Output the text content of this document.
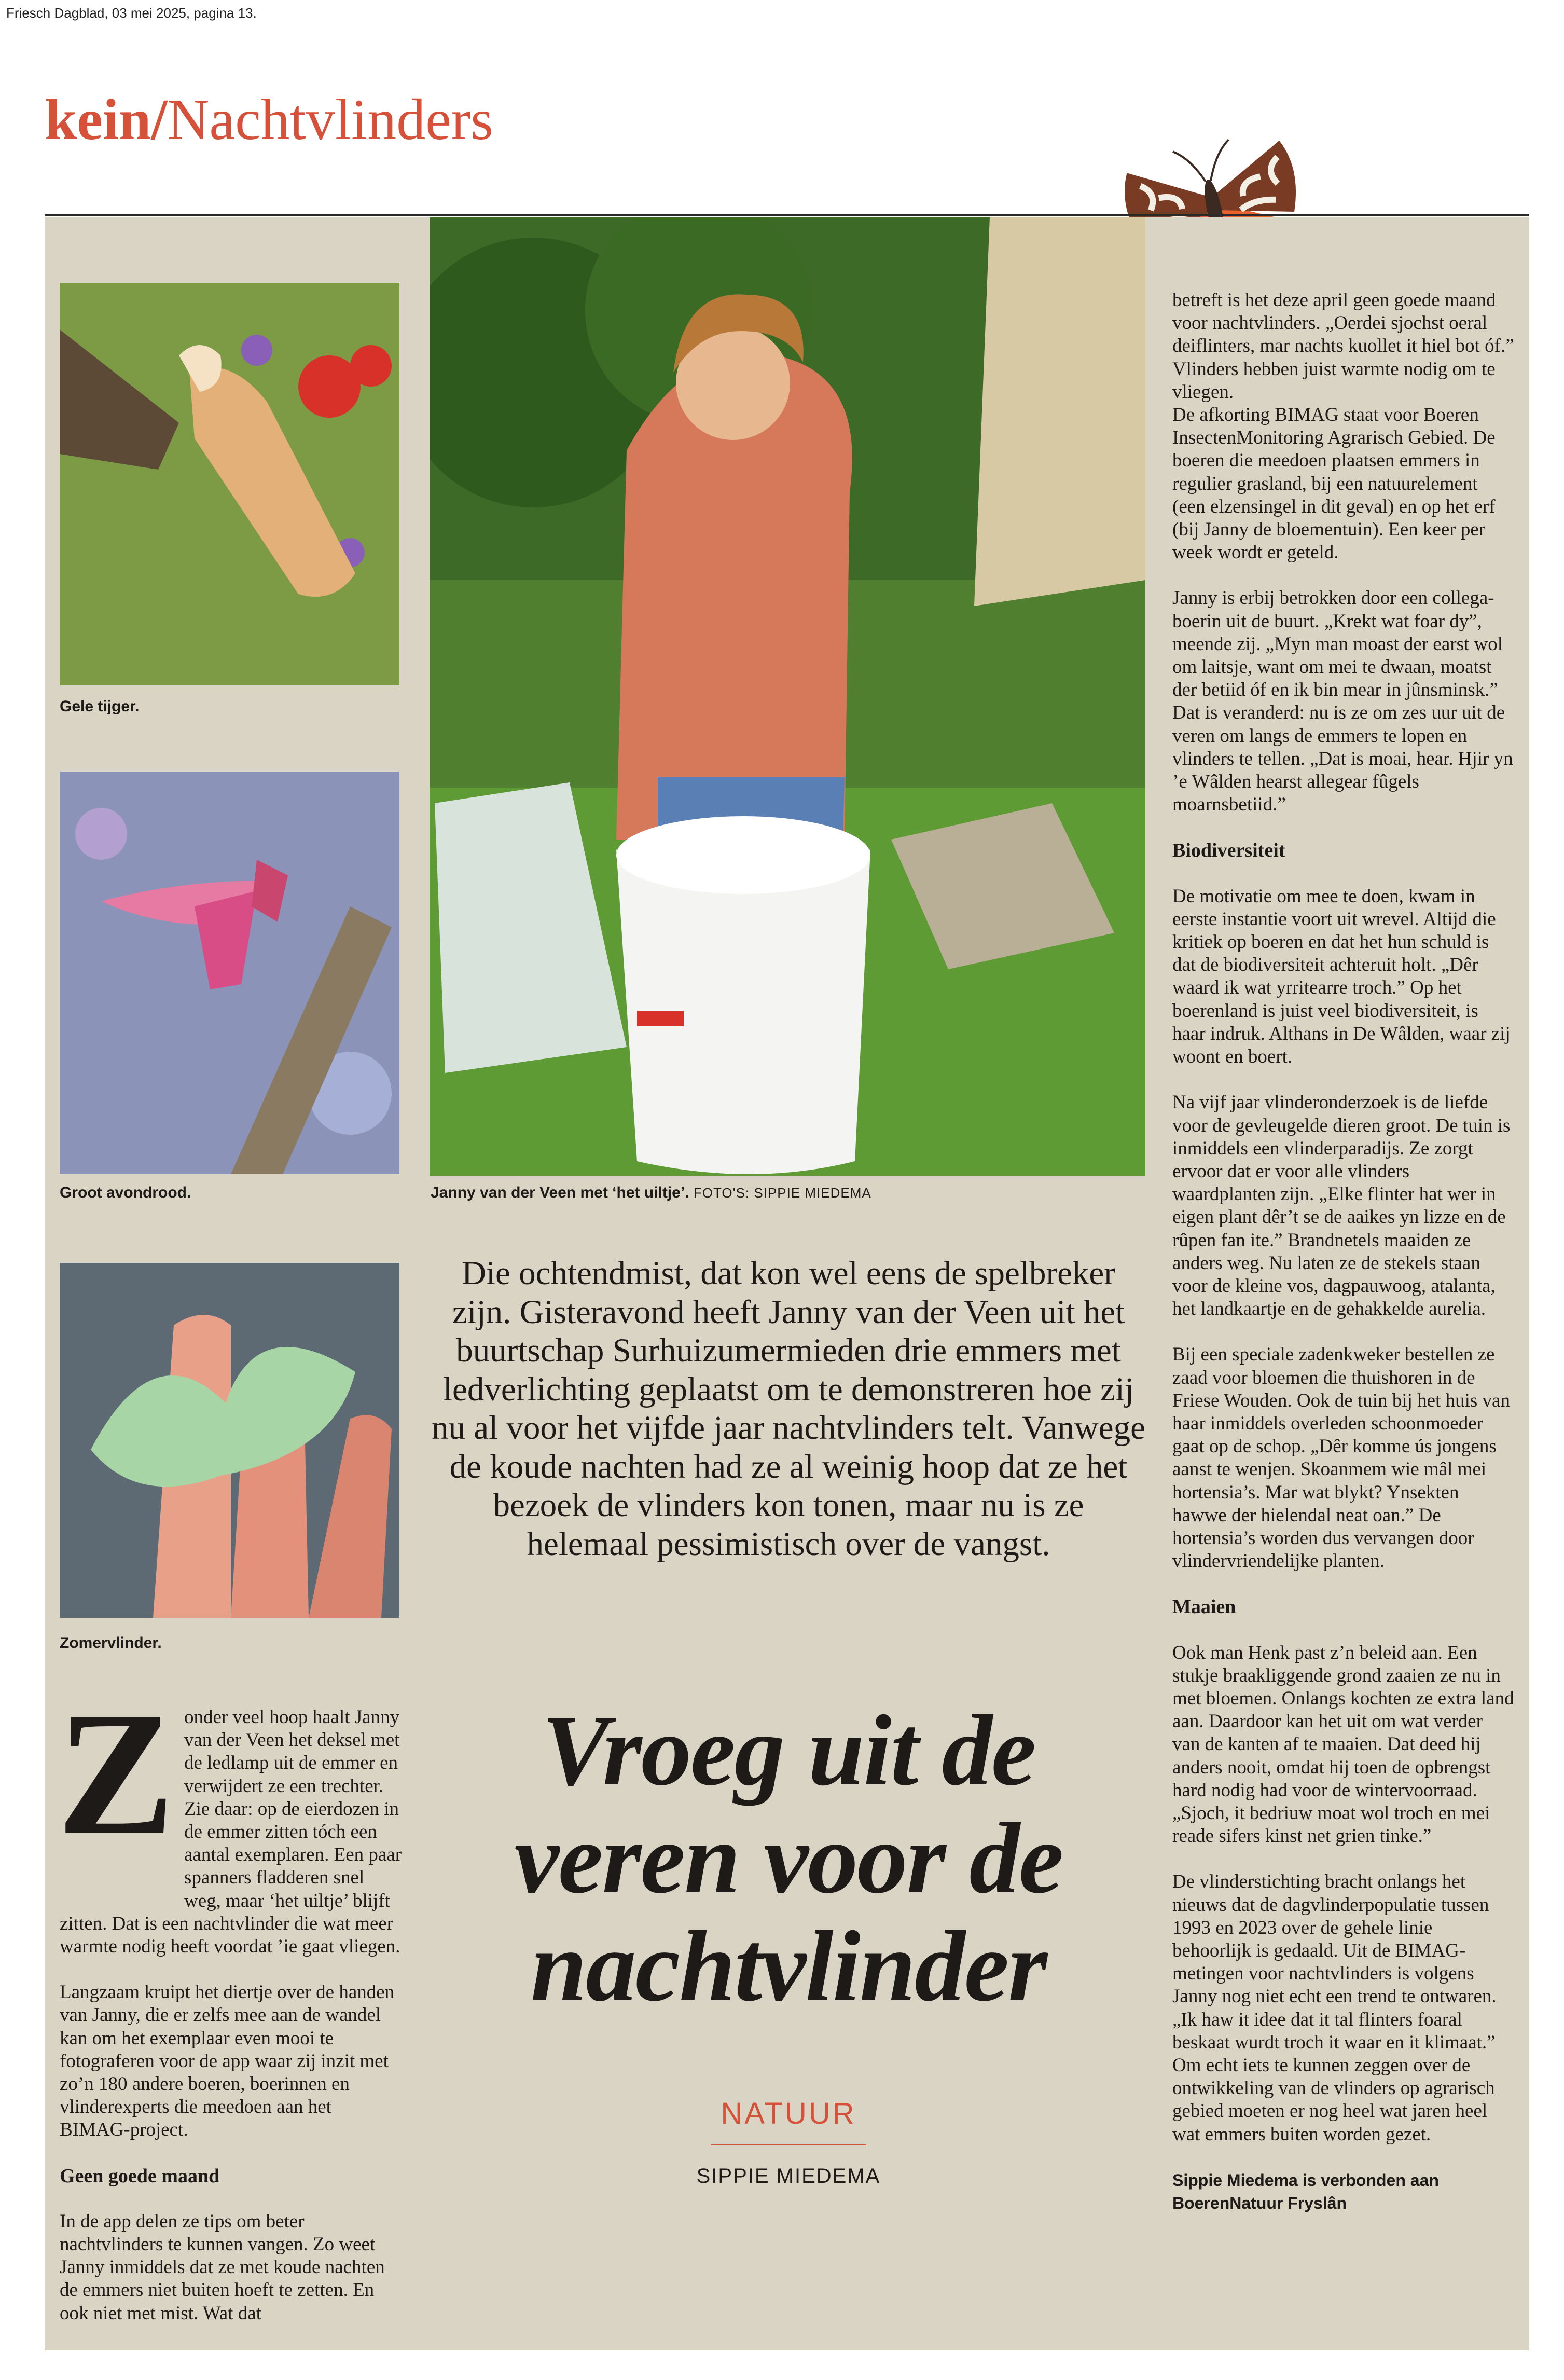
Friesch Dagblad, 03 mei 2025, pagina 13.
kein/Nachtvlinders
Gele tijger.
Groot avondrood.
Zomervlinder.
Janny van der Veen met ‘het uiltje’. FOTO'S: SIPPIE MIEDEMA
Die ochtendmist, dat kon wel eens de spelbreker zijn. Gisteravond heeft Janny van der Veen uit het buurtschap Surhuizumermieden drie emmers met ledverlichting geplaatst om te demonstreren hoe zij nu al voor het vijfde jaar nachtvlinders telt. Vanwege de koude nachten had ze al weinig hoop dat ze het bezoek de vlinders kon tonen, maar nu is ze helemaal pessimistisch over de vangst.
Vroeg uit de veren voor de nachtvlinder
NATUUR
SIPPIE MIEDEMA
Z onder veel hoop haalt Janny van der Veen het deksel met de ledlamp uit de emmer en verwijdert ze een trechter. Zie daar: op de eierdozen in de emmer zitten tóch een aantal exemplaren. Een paar spanners fladderen snel weg, maar ‘het uiltje’ blijft zitten. Dat is een nachtvlinder die wat meer warmte nodig heeft voordat ’ie gaat vliegen.

Langzaam kruipt het diertje over de handen van Janny, die er zelfs mee aan de wandel kan om het exemplaar even mooi te fotograferen voor de app waar zij inzit met zo’n 180 andere boeren, boerinnen en vlinderexperts die meedoen aan het BIMAG-project.

Geen goede maand

In de app delen ze tips om beter nachtvlinders te kunnen vangen. Zo weet Janny inmiddels dat ze met koude nachten de emmers niet buiten hoeft te zetten. En ook niet met mist. Wat dat

betreft is het deze april geen goede maand voor nachtvlinders. „Oerdei sjochst oeral deiflinters, mar nachts kuollet it hiel bot óf.” Vlinders hebben juist warmte nodig om te vliegen.

De afkorting BIMAG staat voor Boeren InsectenMonitoring Agrarisch Gebied. De boeren die meedoen plaatsen emmers in regulier grasland, bij een natuurelement (een elzensingel in dit geval) en op het erf (bij Janny de bloementuin). Een keer per week wordt er geteld.

Janny is erbij betrokken door een collega-boerin uit de buurt. „Krekt wat foar dy”, meende zij. „Myn man moast der earst wol om laitsje, want om mei te dwaan, moatst der betiid óf en ik bin mear in jûnsminsk.” Dat is veranderd: nu is ze om zes uur uit de veren om langs de emmers te lopen en vlinders te tellen. „Dat is moai, hear. Hjir yn ’e Wâlden hearst allegear fûgels moarnsbetiid.”

Biodiversiteit

De motivatie om mee te doen, kwam in eerste instantie voort uit wrevel. Altijd die kritiek op boeren en dat het hun schuld is dat de biodiversiteit achteruit holt. „Dêr waard ik wat yrritearre troch.” Op het boerenland is juist veel biodiversiteit, is haar indruk. Althans in De Wâlden, waar zij woont en boert.

Na vijf jaar vlinderonderzoek is de liefde voor de gevleugelde dieren groot. De tuin is inmiddels een vlinderparadijs. Ze zorgt ervoor dat er voor alle vlinders waardplanten zijn. „Elke flinter hat wer in eigen plant dêr’t se de aaikes yn lizze en de rûpen fan ite.” Brandnetels maaiden ze anders weg. Nu laten ze de stekels staan voor de kleine vos, dagpauwoog, atalanta, het landkaartje en de gehakkelde aurelia.

Bij een speciale zadenkweker bestellen ze zaad voor bloemen die thuishoren in de Friese Wouden. Ook de tuin bij het huis van haar inmiddels overleden schoonmoeder gaat op de schop. „Dêr komme ús jongens aanst te wenjen. Skoanmem wie mâl mei hortensia’s. Mar wat blykt? Ynsekten hawwe der hielendal neat oan.” De hortensia’s worden dus vervangen door vlindervriendelijke planten.

Maaien

Ook man Henk past z’n beleid aan. Een stukje braakliggende grond zaaien ze nu in met bloemen. Onlangs kochten ze extra land aan. Daardoor kan het uit om wat verder van de kanten af te maaien. Dat deed hij anders nooit, omdat hij toen de opbrengst hard nodig had voor de wintervoorraad. „Sjoch, it bedriuw moat wol troch en mei reade sifers kinst net grien tinke.”

De vlinderstichting bracht onlangs het nieuws dat de dagvlinderpopulatie tussen 1993 en 2023 over de gehele linie behoorlijk is gedaald. Uit de BIMAG-metingen voor nachtvlinders is volgens Janny nog niet echt een trend te ontwaren. „Ik haw it idee dat it tal flinters foaral beskaat wurdt troch it waar en it klimaat.” Om echt iets te kunnen zeggen over de ontwikkeling van de vlinders op agrarisch gebied moeten er nog heel wat jaren heel wat emmers buiten worden gezet.

Sippie Miedema is verbonden aan
BoerenNatuur Fryslân
